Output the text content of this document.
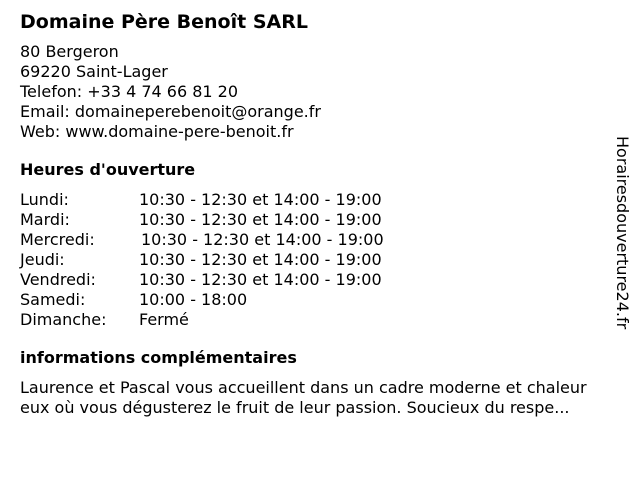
Domaine Père Benoît SARL
80 Bergeron
69220 Saint-Lager
Telefon: +33 4 74 66 81 20
Email: domaineperebenoit@orange.fr
Web: www.domaine-pere-benoit.fr
Heures d'ouverture
Lundi:	10:30 - 12:30 et 14:00 - 19:00
Mardi:	10:30 - 12:30 et 14:00 - 19:00
Mercredi:	10:30 - 12:30 et 14:00 - 19:00
Jeudi:	10:30 - 12:30 et 14:00 - 19:00
Vendredi:	10:30 - 12:30 et 14:00 - 19:00
Samedi:	10:00 - 18:00
Dimanche:	Fermé
informations complémentaires
Laurence et Pascal vous accueillent dans un cadre moderne et chaleur
eux où vous dégusterez le fruit de leur passion. Soucieux du respe...
Horairesdouverture24.fr
